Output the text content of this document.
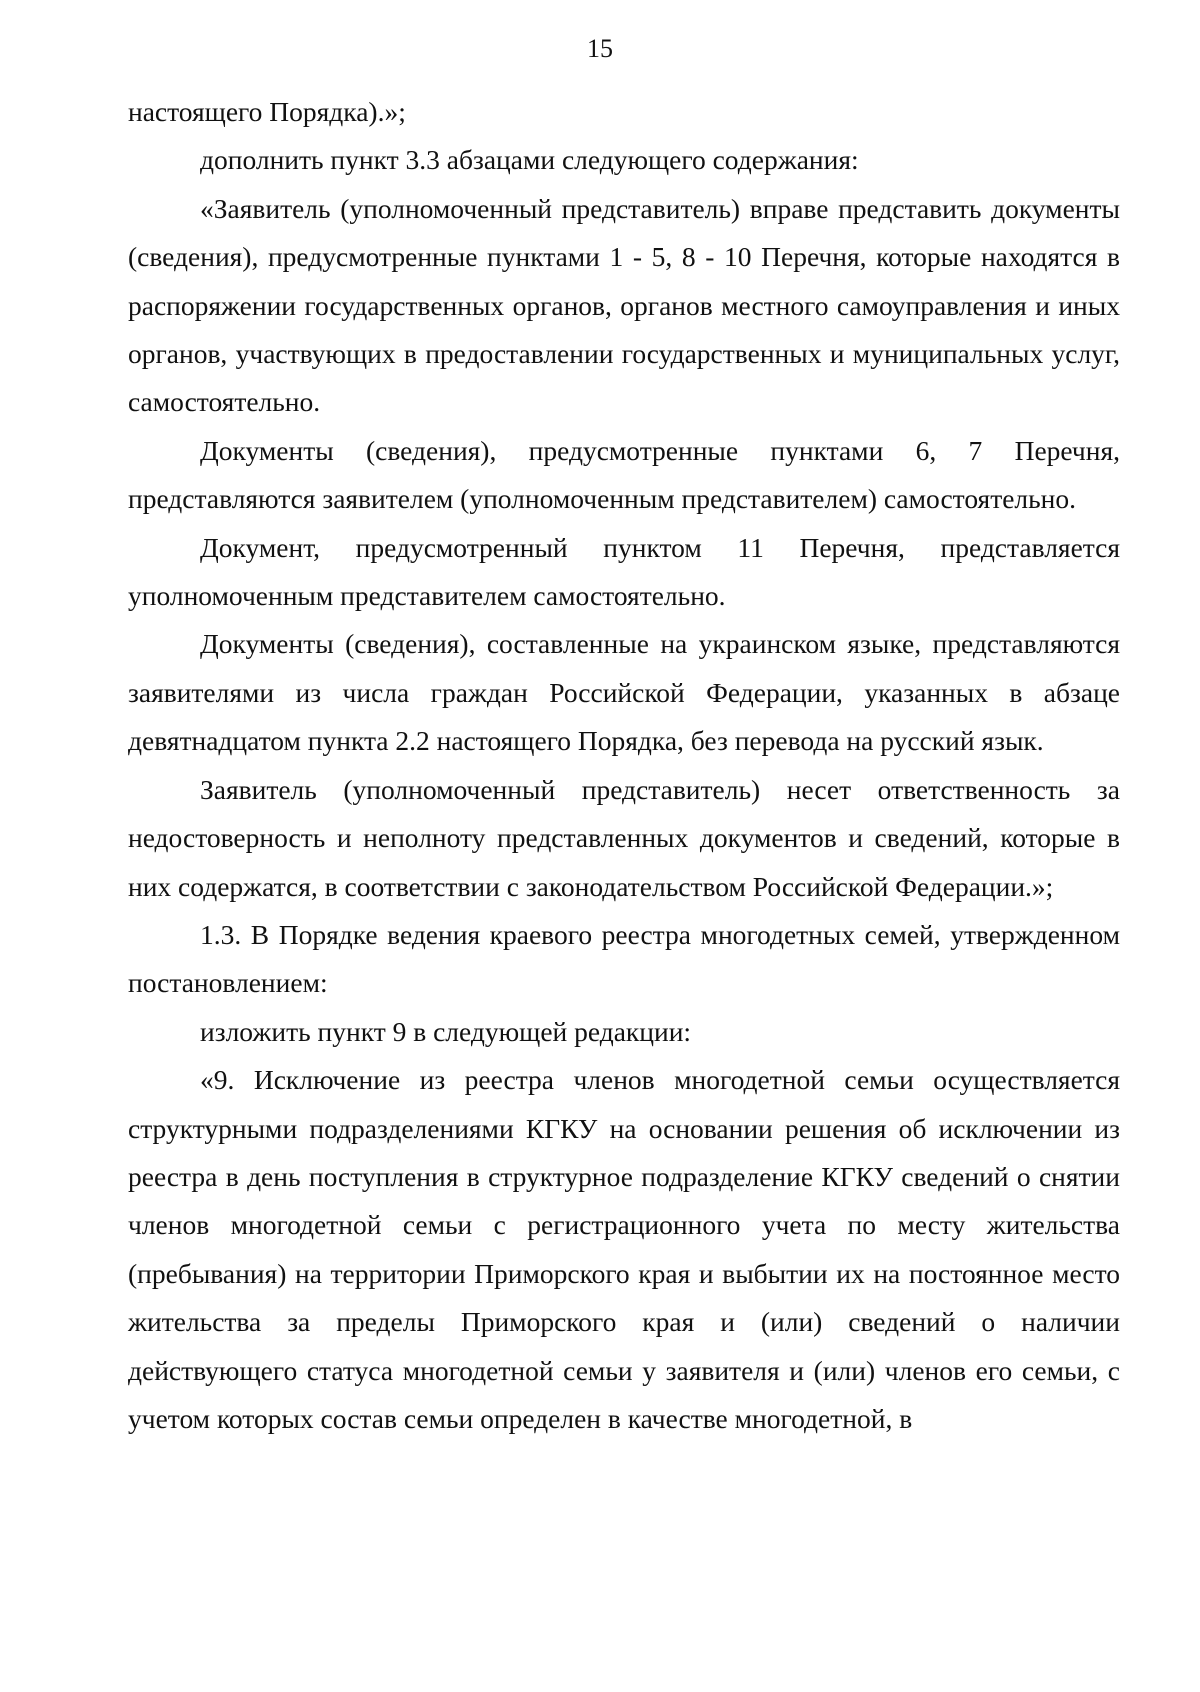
15

настоящего Порядка).»;

дополнить пункт 3.3 абзацами следующего содержания:

«Заявитель (уполномоченный представитель) вправе представить документы (сведения), предусмотренные пунктами 1 - 5, 8 - 10 Перечня, которые находятся в распоряжении государственных органов, органов местного самоуправления и иных органов, участвующих в предоставлении государственных и муниципальных услуг, самостоятельно.

Документы (сведения), предусмотренные пунктами 6, 7 Перечня, представляются заявителем (уполномоченным представителем) самостоятельно.

Документ, предусмотренный пунктом 11 Перечня, представляется уполномоченным представителем самостоятельно.

Документы (сведения), составленные на украинском языке, представляются заявителями из числа граждан Российской Федерации, указанных в абзаце девятнадцатом пункта 2.2 настоящего Порядка, без перевода на русский язык.

Заявитель (уполномоченный представитель) несет ответственность за недостоверность и неполноту представленных документов и сведений, которые в них содержатся, в соответствии с законодательством Российской Федерации.»;

1.3. В Порядке ведения краевого реестра многодетных семей, утвержденном постановлением:

изложить пункт 9 в следующей редакции:

«9. Исключение из реестра членов многодетной семьи осуществляется структурными подразделениями КГКУ на основании решения об исключении из реестра в день поступления в структурное подразделение КГКУ сведений о снятии членов многодетной семьи с регистрационного учета по месту жительства (пребывания) на территории Приморского края и выбытии их на постоянное место жительства за пределы Приморского края и (или) сведений о наличии действующего статуса многодетной семьи у заявителя и (или) членов его семьи, с учетом которых состав семьи определен в качестве многодетной, в
